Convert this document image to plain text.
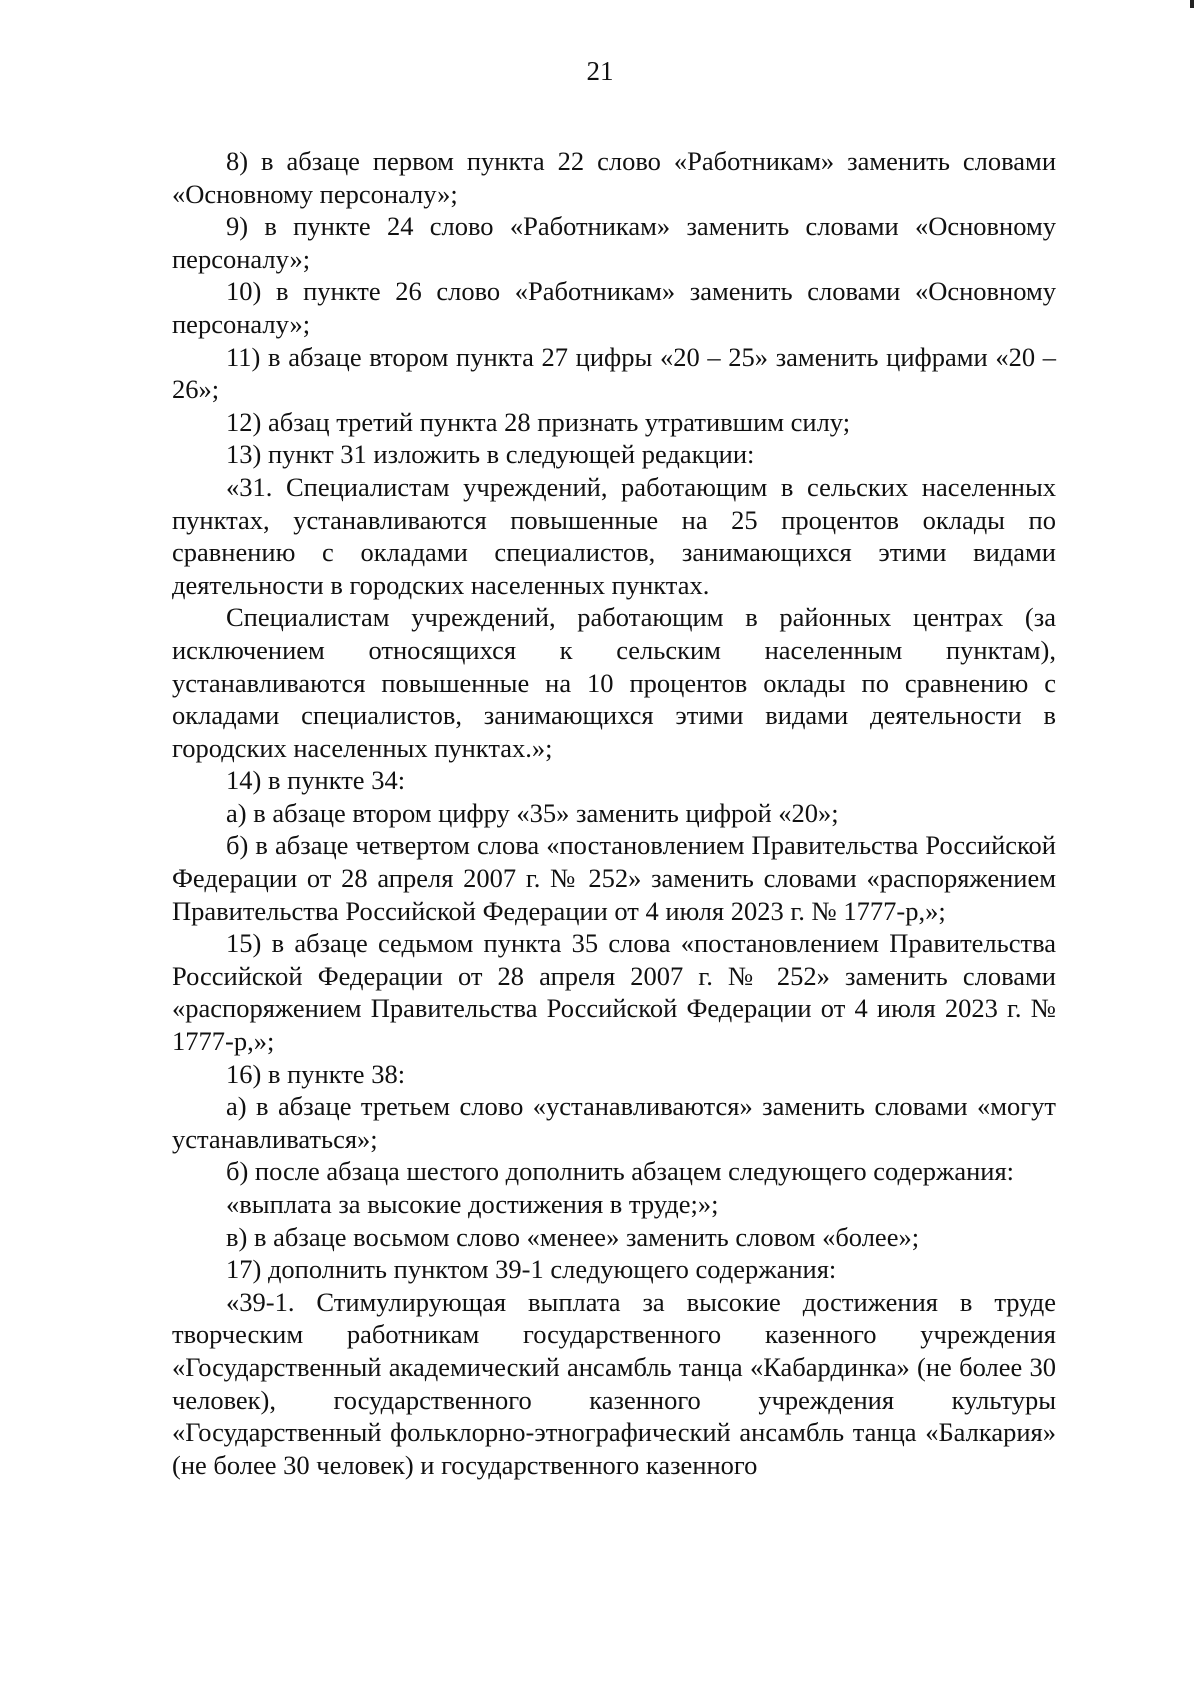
21

8) в абзаце первом пункта 22 слово «Работникам» заменить словами «Основному персоналу»;

9) в пункте 24 слово «Работникам» заменить словами «Основному персоналу»;

10) в пункте 26 слово «Работникам» заменить словами «Основному персоналу»;

11) в абзаце втором пункта 27 цифры «20 – 25» заменить цифрами «20 – 26»;

12) абзац третий пункта 28 признать утратившим силу;

13) пункт 31 изложить в следующей редакции:

«31. Специалистам учреждений, работающим в сельских населенных пунктах, устанавливаются повышенные на 25 процентов оклады по сравнению с окладами специалистов, занимающихся этими видами деятельности в городских населенных пунктах.

Специалистам учреждений, работающим в районных центрах (за исключением относящихся к сельским населенным пунктам), устанавливаются повышенные на 10 процентов оклады по сравнению с окладами специалистов, занимающихся этими видами деятельности в городских населенных пунктах.»;

14) в пункте 34:

а) в абзаце втором цифру «35» заменить цифрой «20»;

б) в абзаце четвертом слова «постановлением Правительства Российской Федерации от 28 апреля 2007 г. № 252» заменить словами «распоряжением Правительства Российской Федерации от 4 июля 2023 г. № 1777-р,»;

15) в абзаце седьмом пункта 35 слова «постановлением Правительства Российской Федерации от 28 апреля 2007 г. № 252» заменить словами «распоряжением Правительства Российской Федерации от 4 июля 2023 г. № 1777-р,»;

16) в пункте 38:

а) в абзаце третьем слово «устанавливаются» заменить словами «могут устанавливаться»;

б) после абзаца шестого дополнить абзацем следующего содержания:

«выплата за высокие достижения в труде;»;

в) в абзаце восьмом слово «менее» заменить словом «более»;

17) дополнить пунктом 39-1 следующего содержания:

«39-1. Стимулирующая выплата за высокие достижения в труде творческим работникам государственного казенного учреждения «Государственный академический ансамбль танца «Кабардинка» (не более 30 человек), государственного казенного учреждения культуры «Государственный фольклорно-этнографический ансамбль танца «Балкария» (не более 30 человек) и государственного казенного
